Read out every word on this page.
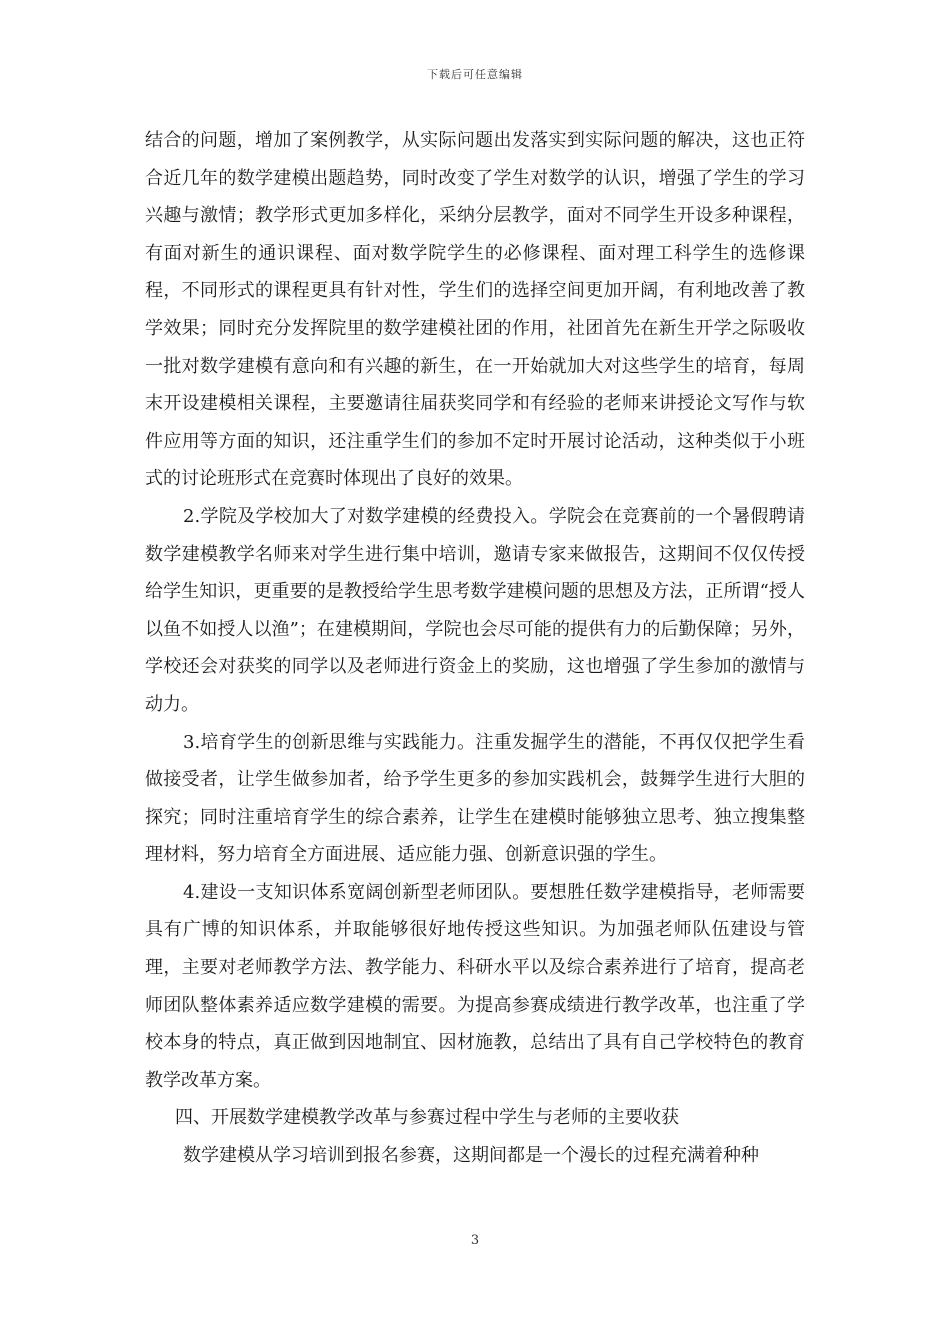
下载后可任意编辑

结合的问题，增加了案例教学，从实际问题出发落实到实际问题的解决，这也正符合近几年的数学建模出题趋势，同时改变了学生对数学的认识，增强了学生的学习兴趣与激情；教学形式更加多样化，采纳分层教学，面对不同学生开设多种课程，有面对新生的通识课程、面对数学院学生的必修课程、面对理工科学生的选修课程，不同形式的课程更具有针对性，学生们的选择空间更加开阔，有利地改善了教学效果；同时充分发挥院里的数学建模社团的作用，社团首先在新生开学之际吸收一批对数学建模有意向和有兴趣的新生，在一开始就加大对这些学生的培育，每周末开设建模相关课程，主要邀请往届获奖同学和有经验的老师来讲授论文写作与软件应用等方面的知识，还注重学生们的参加不定时开展讨论活动，这种类似于小班式的讨论班形式在竞赛时体现出了良好的效果。

2.学院及学校加大了对数学建模的经费投入。学院会在竞赛前的一个暑假聘请数学建模教学名师来对学生进行集中培训，邀请专家来做报告，这期间不仅仅传授给学生知识，更重要的是教授给学生思考数学建模问题的思想及方法，正所谓“授人以鱼不如授人以渔”；在建模期间，学院也会尽可能的提供有力的后勤保障；另外，学校还会对获奖的同学以及老师进行资金上的奖励，这也增强了学生参加的激情与动力。

3.培育学生的创新思维与实践能力。注重发掘学生的潜能，不再仅仅把学生看做接受者，让学生做参加者，给予学生更多的参加实践机会，鼓舞学生进行大胆的探究；同时注重培育学生的综合素养，让学生在建模时能够独立思考、独立搜集整理材料，努力培育全方面进展、适应能力强、创新意识强的学生。

4.建设一支知识体系宽阔创新型老师团队。要想胜任数学建模指导，老师需要具有广博的知识体系，并取能够很好地传授这些知识。为加强老师队伍建设与管理，主要对老师教学方法、教学能力、科研水平以及综合素养进行了培育，提高老师团队整体素养适应数学建模的需要。为提高参赛成绩进行教学改革，也注重了学校本身的特点，真正做到因地制宜、因材施教，总结出了具有自己学校特色的教育教学改革方案。

四、开展数学建模教学改革与参赛过程中学生与老师的主要收获

数学建模从学习培训到报名参赛，这期间都是一个漫长的过程充满着种种

3
